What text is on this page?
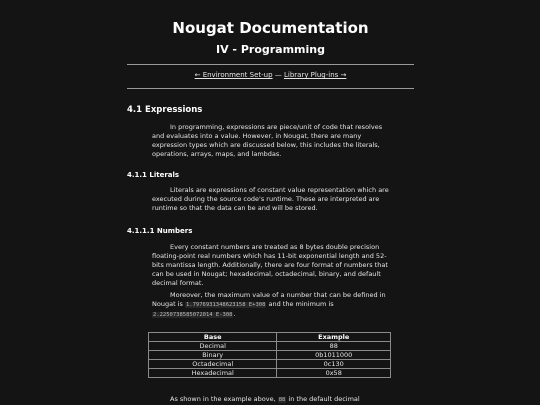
Nougat Documentation
IV - Programming
← Environment Set-up — Library Plug-ins →
4.1 Expressions

In programming, expressions are piece/unit of code that resolves and evaluates into a value. However, in Nougat, there are many expression types which are discussed below, this includes the literals, operations, arrays, maps, and lambdas.

4.1.1 Literals

Literals are expressions of constant value representation which are executed during the source code's runtime. These are interpreted are runtime so that the data can be and will be stored.

4.1.1.1 Numbers

Every constant numbers are treated as 8 bytes double precision floating-point real numbers which has 11-bit exponential length and 52-bits mantissa length. Additionally, there are four format of numbers that can be used in Nougat; hexadecimal, octadecimal, binary, and default decimal format.

Moreover, the maximum value of a number that can be defined in Nougat is 1.7976931348623158 E+308 and the minimum is 2.2250738585072014 E-308.

Base	Example
Decimal	88
Binary	0b1011000
Octadecimal	0c130
Hexadecimal	0x58

As shown in the example above, 88 in the default decimal
